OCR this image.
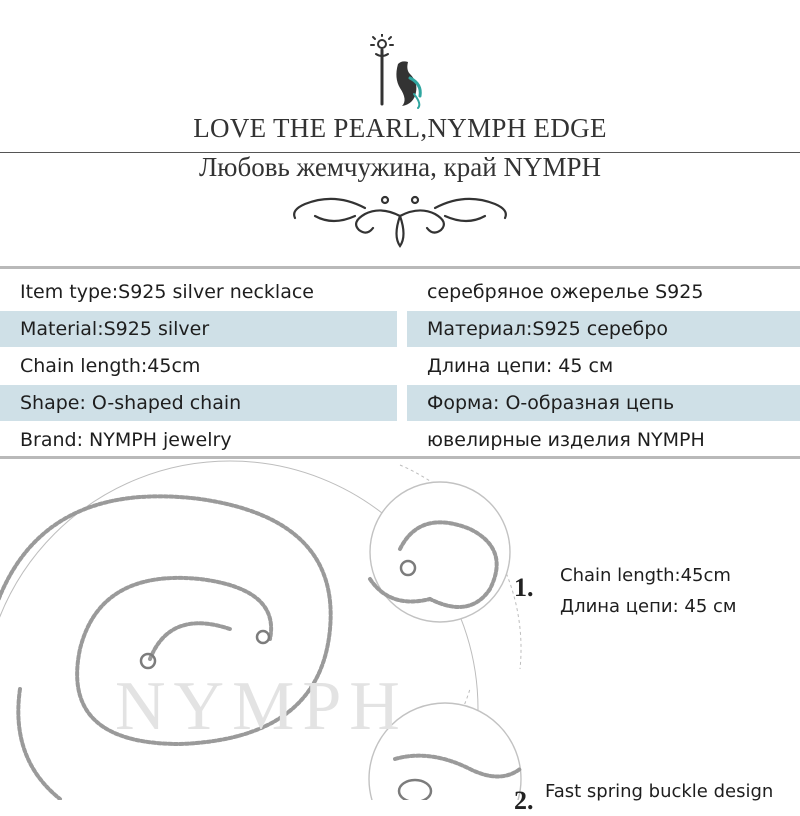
LOVE THE PEARL,NYMPH EDGE
Любовь жемчужина, край NYMPH
Item type:S925 silver necklace	серебряное ожерелье S925
Material:S925 silver	Материал:S925 серебро
Chain length:45cm	Длина цепи: 45 см
Shape: O-shaped chain	Форма: О-образная цепь
Brand: NYMPH jewelry	ювелирные изделия NYMPH
NYMPH
1. Chain length:45cm
Длина цепи: 45 см
2. Fast spring buckle design
